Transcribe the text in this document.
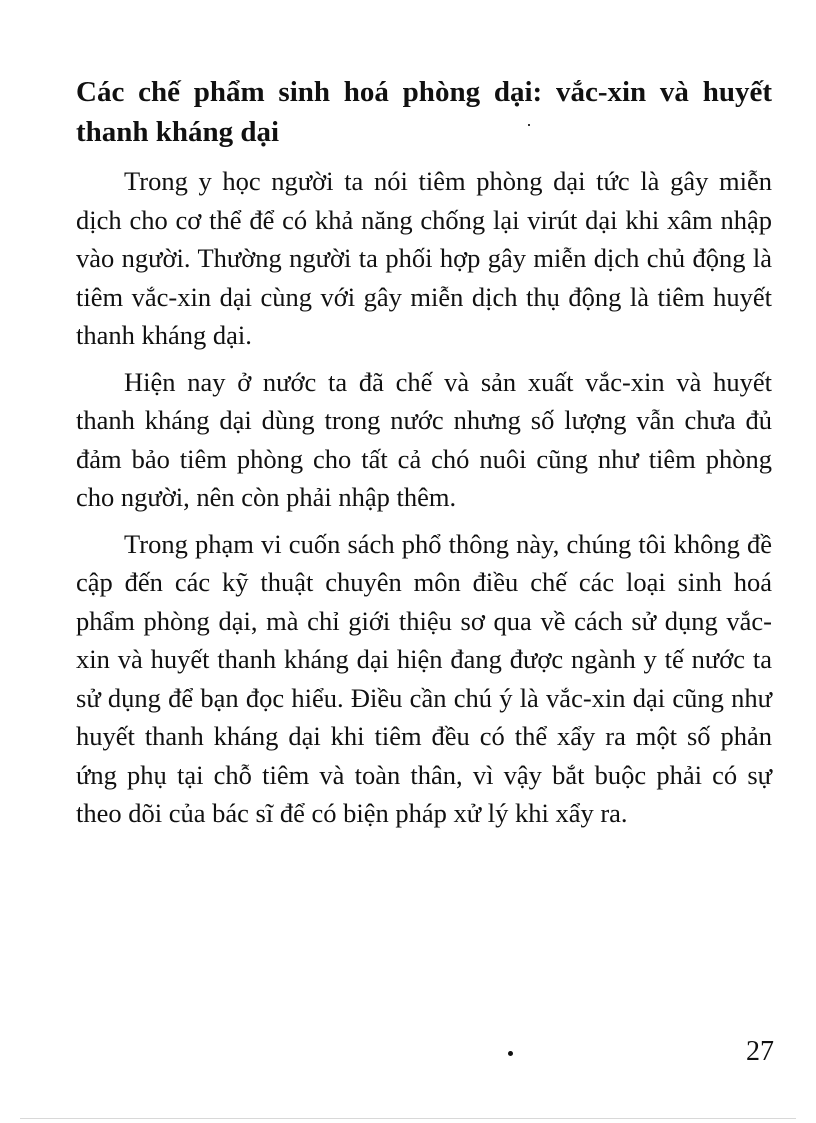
Các chế phẩm sinh hoá phòng dại: vắc-xin và huyết thanh kháng dại

Trong y học người ta nói tiêm phòng dại tức là gây miễn dịch cho cơ thể để có khả năng chống lại virút dại khi xâm nhập vào người. Thường người ta phối hợp gây miễn dịch chủ động là tiêm vắc-xin dại cùng với gây miễn dịch thụ động là tiêm huyết thanh kháng dại.

Hiện nay ở nước ta đã chế và sản xuất vắc-xin và huyết thanh kháng dại dùng trong nước nhưng số lượng vẫn chưa đủ đảm bảo tiêm phòng cho tất cả chó nuôi cũng như tiêm phòng cho người, nên còn phải nhập thêm.

Trong phạm vi cuốn sách phổ thông này, chúng tôi không đề cập đến các kỹ thuật chuyên môn điều chế các loại sinh hoá phẩm phòng dại, mà chỉ giới thiệu sơ qua về cách sử dụng vắc-xin và huyết thanh kháng dại hiện đang được ngành y tế nước ta sử dụng để bạn đọc hiểu. Điều cần chú ý là vắc-xin dại cũng như huyết thanh kháng dại khi tiêm đều có thể xẩy ra một số phản ứng phụ tại chỗ tiêm và toàn thân, vì vậy bắt buộc phải có sự theo dõi của bác sĩ để có biện pháp xử lý khi xẩy ra.

27
